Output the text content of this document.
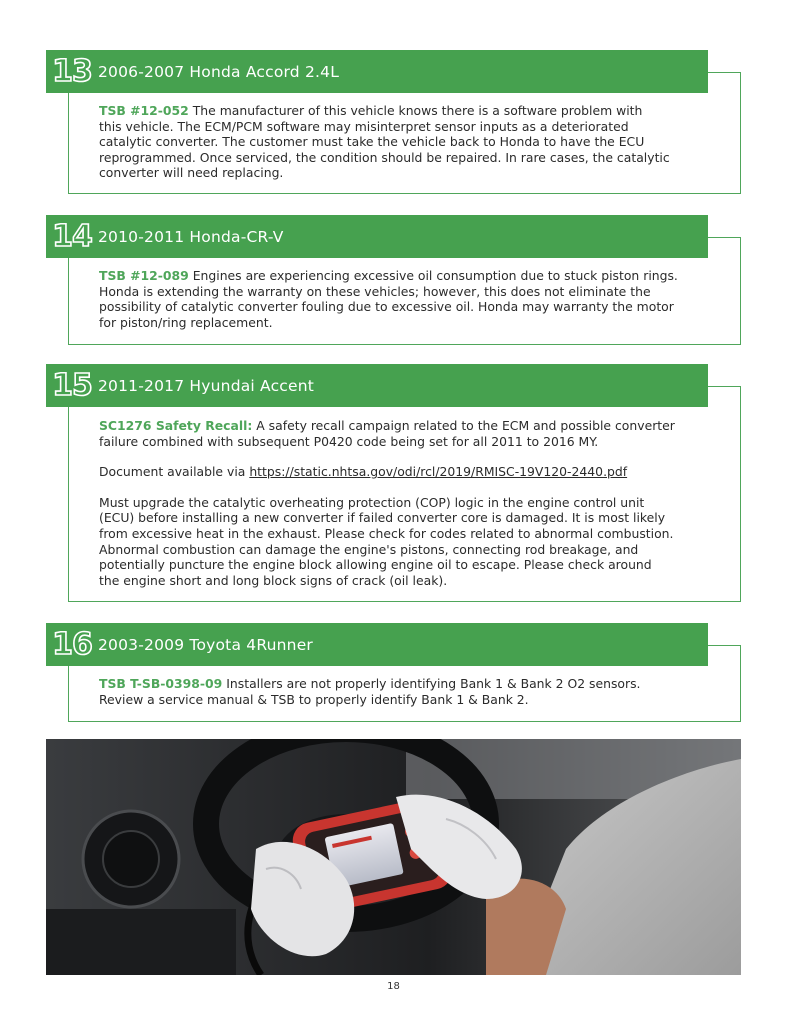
TSB #12-052 The manufacturer of this vehicle knows there is a software problem with
this vehicle. The ECM/PCM software may misinterpret sensor inputs as a deteriorated
catalytic converter. The customer must take the vehicle back to Honda to have the ECU
reprogrammed. Once serviced, the condition should be repaired. In rare cases, the catalytic
converter will need replacing.

13 2006-2007 Honda Accord 2.4L

TSB #12-089 Engines are experiencing excessive oil consumption due to stuck piston rings.
Honda is extending the warranty on these vehicles; however, this does not eliminate the
possibility of catalytic converter fouling due to excessive oil. Honda may warranty the motor
for piston/ring replacement.

14 2010-2011 Honda-CR-V

SC1276 Safety Recall: A safety recall campaign related to the ECM and possible converter
failure combined with subsequent P0420 code being set for all 2011 to 2016 MY.

Document available via https://static.nhtsa.gov/odi/rcl/2019/RMISC-19V120-2440.pdf

Must upgrade the catalytic overheating protection (COP) logic in the engine control unit
(ECU) before installing a new converter if failed converter core is damaged. It is most likely
from excessive heat in the exhaust. Please check for codes related to abnormal combustion.
Abnormal combustion can damage the engine's pistons, connecting rod breakage, and
potentially puncture the engine block allowing engine oil to escape. Please check around
the engine short and long block signs of crack (oil leak).

15 2011-2017 Hyundai Accent

TSB T-SB-0398-09 Installers are not properly identifying Bank 1 & Bank 2 O2 sensors.
Review a service manual & TSB to properly identify Bank 1 & Bank 2.

16 2003-2009 Toyota 4Runner
18
